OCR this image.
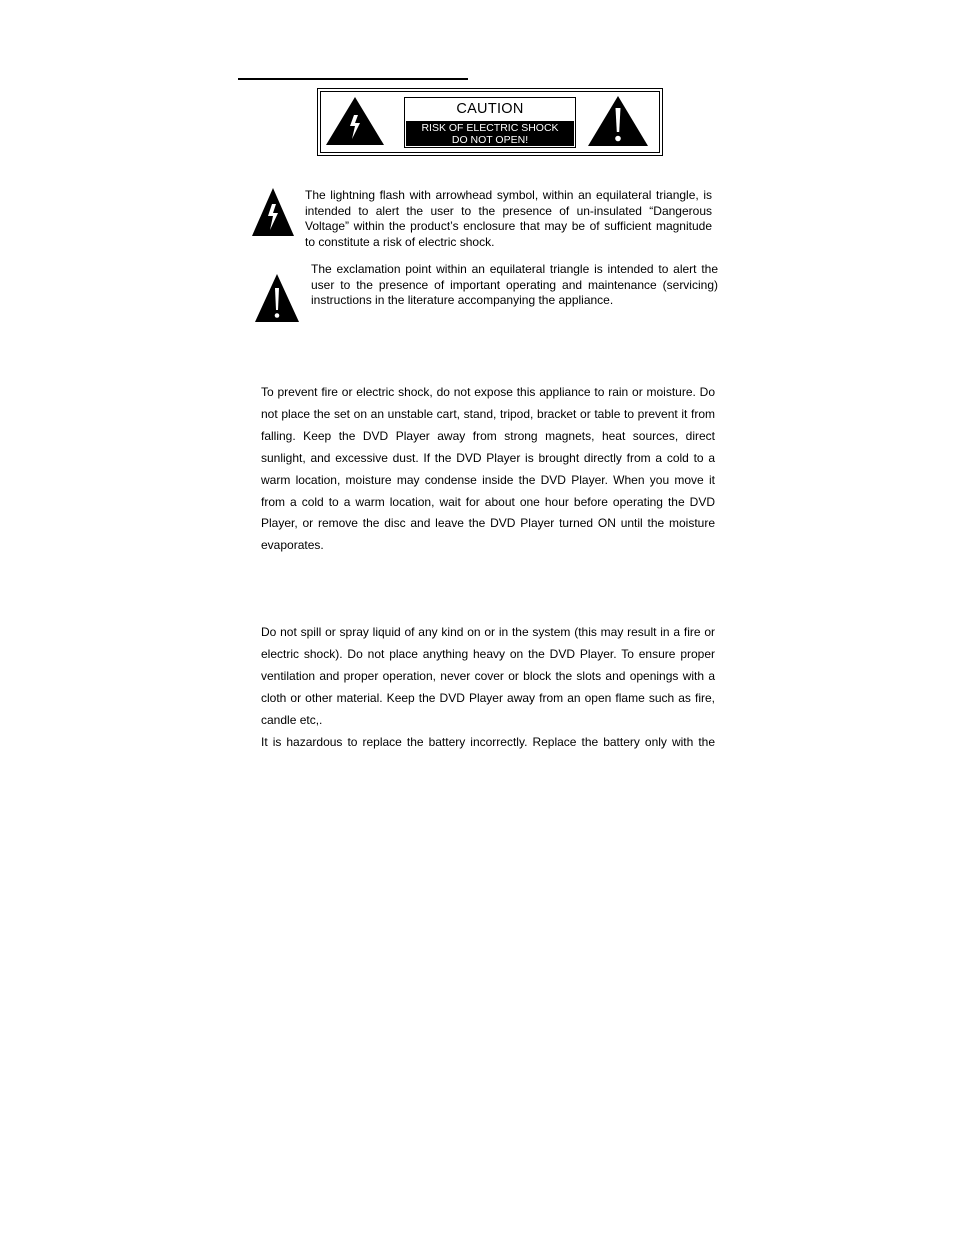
CAUTION
RISK OF ELECTRIC SHOCK
DO NOT OPEN!
The lightning flash with arrowhead symbol, within an equilateral triangle, is intended to alert the user to the presence of un-insulated “Dangerous Voltage” within the product’s enclosure that may be of sufficient magnitude to constitute a risk of electric shock.
The exclamation point within an equilateral triangle is intended to alert the user to the presence of important operating and maintenance (servicing) instructions in the literature accompanying the appliance.
To prevent fire or electric shock, do not expose this appliance to rain or moisture. Do not place the set on an unstable cart, stand, tripod, bracket or table to prevent it from falling. Keep the DVD Player away from strong magnets, heat sources, direct sunlight, and excessive dust. If the DVD Player is brought directly from a cold to a warm location, moisture may condense inside the DVD Player. When you move it from a cold to a warm location, wait for about one hour before operating the DVD Player, or remove the disc and leave the DVD Player turned ON until the moisture evaporates.
Do not spill or spray liquid of any kind on or in the system (this may result in a fire or electric shock). Do not place anything heavy on the DVD Player. To ensure proper ventilation and proper operation, never cover or block the slots and openings with a cloth or other material. Keep the DVD Player away from an open flame such as fire, candle etc,.
It is hazardous to replace the battery incorrectly. Replace the battery only with the
